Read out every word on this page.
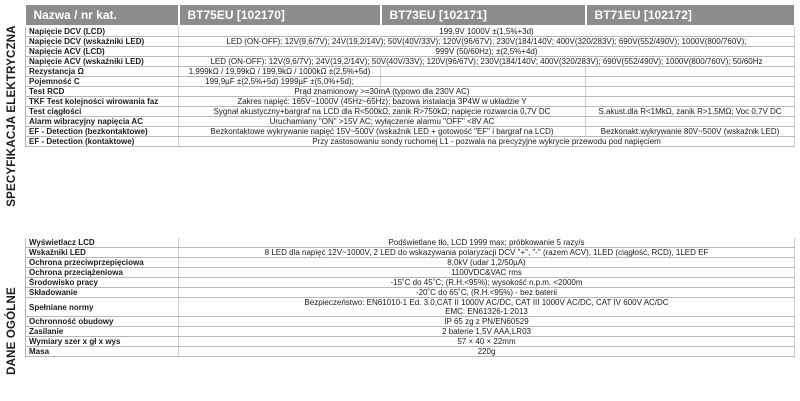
SPECYFIKACJA ELEKTRYCZNA
DANE OGÓLNE
Nazwa / nr kat.	BT75EU [102170]	BT73EU [102171]	BT71EU [102172]
Napięcie DCV (LCD)	199,9V 1000V ±(1,5%+3d)		
Napięcie DCV (wskaźniki LED)	LED (ON-OFF): 12V(9,6/7V); 24V(19,2/14V); 50V(40V/33V); 120V(96/67V); 230V(184/140V; 400V(320/283V); 690V(552/490V); 1000V(800/760V);		
Napięcie ACV (LCD)	999V (50/60Hz); ±(2,5%+4d)		
Napięcie ACV (wskaźniki LED)	LED (ON-OFF): 12V(9,6/7V); 24V(19,2/14V); 50V(40V/33V); 120V(96/67V); 230V(184/140V; 400V(320/283V); 690V(552/490V); 1000V(800/760V); 50/60Hz		
Rezystancja Ω	1,999kΩ / 19,99kΩ / 199,9kΩ / 1000kΩ ±(2,5%+5d)		
Pojemność C	199,9µF ±(2,5%+5d) 1999µF ±(5,0%+5d);		
Test RCD	Prąd znamionowy >=30mA (typowo dla 230V AC)		
TKF Test kolejności wirowania faz	Zakres napięć: 165V~1000V (45Hz~65Hz); bazowa instalacja 3P4W w układzie Y		
Test ciągłości	Sygnał akustyczny+bargraf na LCD dla R<500kΩ, zanik R>750kΩ; napięcie rozwarcia 0,7V DC		S.akust.dla R<1MkΩ, zanik R>1,5MΩ; Voc 0,7V DC
Alarm wibracyjny napięcia AC	Uruchamiany "ON" >15V AC; wyłączenie alarmu "OFF" <8V AC		
EF - Detection (bezkontaktowe)	Bezkontaktowe wykrywanie napięć 15V~500V (wskaźnik LED + gotowość "EF" i bargraf na LCD)		Bezkonakt.wykrywanie 80V~500V (wskaźnik LED)
EF - Detection (kontaktowe)	Przy zastosowaniu sondy ruchomej L1 - pozwala na precyzyjne wykrycie przewodu pod napięciem		
Wyświetlacz LCD	Podświetlane tło, LCD 1999 max; próbkowanie 5 razy/s
Wskaźniki LED	8 LED dla napięć 12V~1000V, 2 LED do wskazywania polaryzacji DCV "+", "-" (razem ACV), 1LED (ciągłość, RCD), 1LED EF
Ochrona przeciwprzepięciowa	8,0kV (udar 1,2/50µA)
Ochrona przeciążeniowa	1100VDC&VAC rms
Środowisko pracy	-15˚C do 45˚C; (R.H.<95%); wysokość n.p.m. <2000m
Składowanie	-20˚C do 65˚C, (R.H.<95%) - bez baterii
Spełniane normy	Bezpieczeństwo: EN61010-1 Ed. 3.0,CAT II 1000V AC/DC, CAT III 1000V AC/DC, CAT IV 600V AC/DC
EMC: EN61326-1:2013

Ochronność obudowy	IP 65 zg z PN/EN60529
Zasilanie	2 baterie 1,5V AAA,LR03
Wymiary szer x gł x wys	57 × 40 × 22mm
Masa	220g
